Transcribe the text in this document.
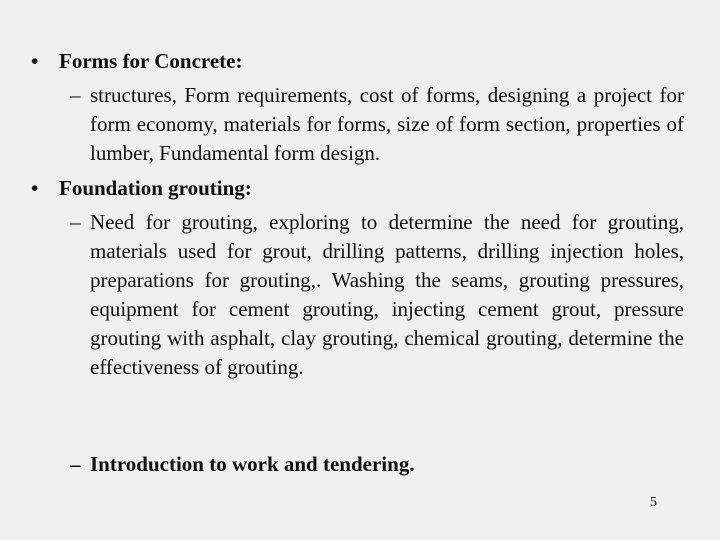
• Forms for Concrete:
– structures, Form requirements, cost of forms, designing a project for form economy, materials for forms, size of form section, properties of lumber, Fundamental form design.
• Foundation grouting:
– Need for grouting, exploring to determine the need for grouting, materials used for grout, drilling patterns, drilling injection holes, preparations for grouting,. Washing the seams, grouting pressures, equipment for cement grouting, injecting cement grout, pressure grouting with asphalt, clay grouting, chemical grouting, determine the effectiveness of grouting.
– Introduction to work and tendering.
5
